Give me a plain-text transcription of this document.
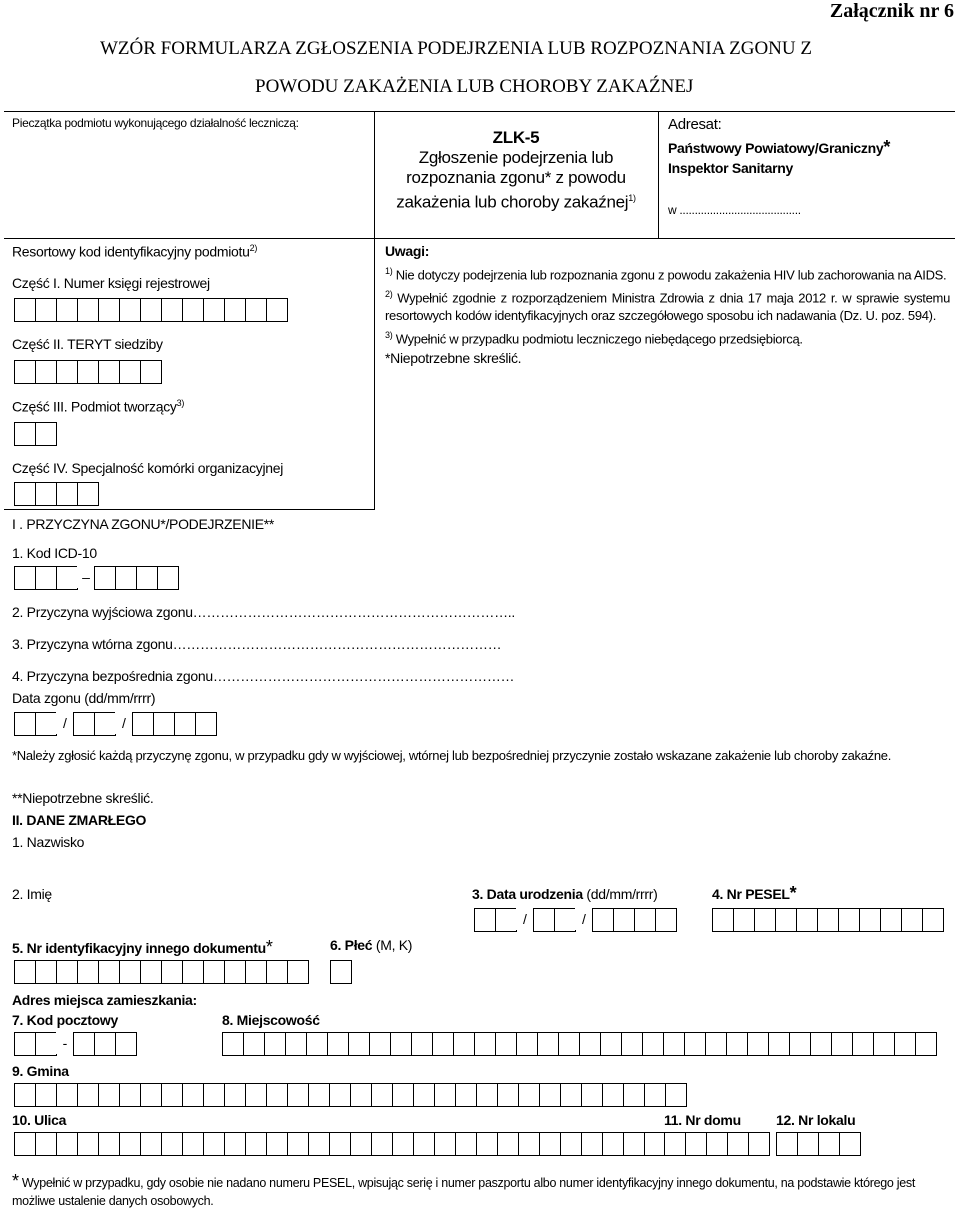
Załącznik nr 6
WZÓR FORMULARZA ZGŁOSZENIA PODEJRZENIA LUB ROZPOZNANIA ZGONU Z
POWODU ZAKAŻENIA LUB CHOROBY ZAKAŹNEJ
Pieczątka podmiotu wykonującego działalność leczniczą:
ZLK-5
Zgłoszenie podejrzenia lub
rozpoznania zgonu* z powodu
zakażenia lub choroby zakaźnej$^{1)}$
Adresat:
Państwowy Powiatowy/Graniczny*
Inspektor Sanitarny
w ........................................
Resortowy kod identyfikacyjny podmiotu$^{2)}$
Część I. Numer księgi rejestrowej
Część II. TERYT siedziby
Część III. Podmiot tworzący$^{3)}$
Część IV. Specjalność komórki organizacyjnej
Uwagi:
$^{1)}$ Nie dotyczy podejrzenia lub rozpoznania zgonu z powodu zakażenia HIV lub zachorowania na AIDS.
$^{2)}$ Wypełnić zgodnie z rozporządzeniem Ministra Zdrowia z dnia 17 maja 2012 r. w sprawie systemu resortowych kodów identyfikacyjnych oraz szczegółowego sposobu ich nadawania (Dz. U. poz. 594).
$^{3)}$ Wypełnić w przypadku podmiotu leczniczego niebędącego przedsiębiorcą.
*Niepotrzebne skreślić.
I . PRZYCZYNA ZGONU*/PODEJRZENIE**
1. Kod ICD-10
–
2. Przyczyna wyjściowa zgonu……………………………………………………………..
3. Przyczyna wtórna zgonu………………………………………………………………
4. Przyczyna bezpośrednia zgonu…………………………………………………………
Data zgonu (dd/mm/rrrr)
/	/
*Należy zgłosić każdą przyczynę zgonu, w przypadku gdy w wyjściowej, wtórnej lub bezpośredniej przyczynie zostało wskazane zakażenie lub choroby zakaźne.
**Niepotrzebne skreślić.
II. DANE ZMARŁEGO
1. Nazwisko
2. Imię	3. Data urodzenia (dd/mm/rrrr)	4. Nr PESEL*
/	/
5. Nr identyfikacyjny innego dokumentu*	6. Płeć (M, K)
Adres miejsca zamieszkania:
7. Kod pocztowy	8. Miejscowość
-
9. Gmina
10. Ulica	11. Nr domu	12. Nr lokalu
* Wypełnić w przypadku, gdy osobie nie nadano numeru PESEL, wpisując serię i numer paszportu albo numer identyfikacyjny innego dokumentu, na podstawie którego jest możliwe ustalenie danych osobowych.
